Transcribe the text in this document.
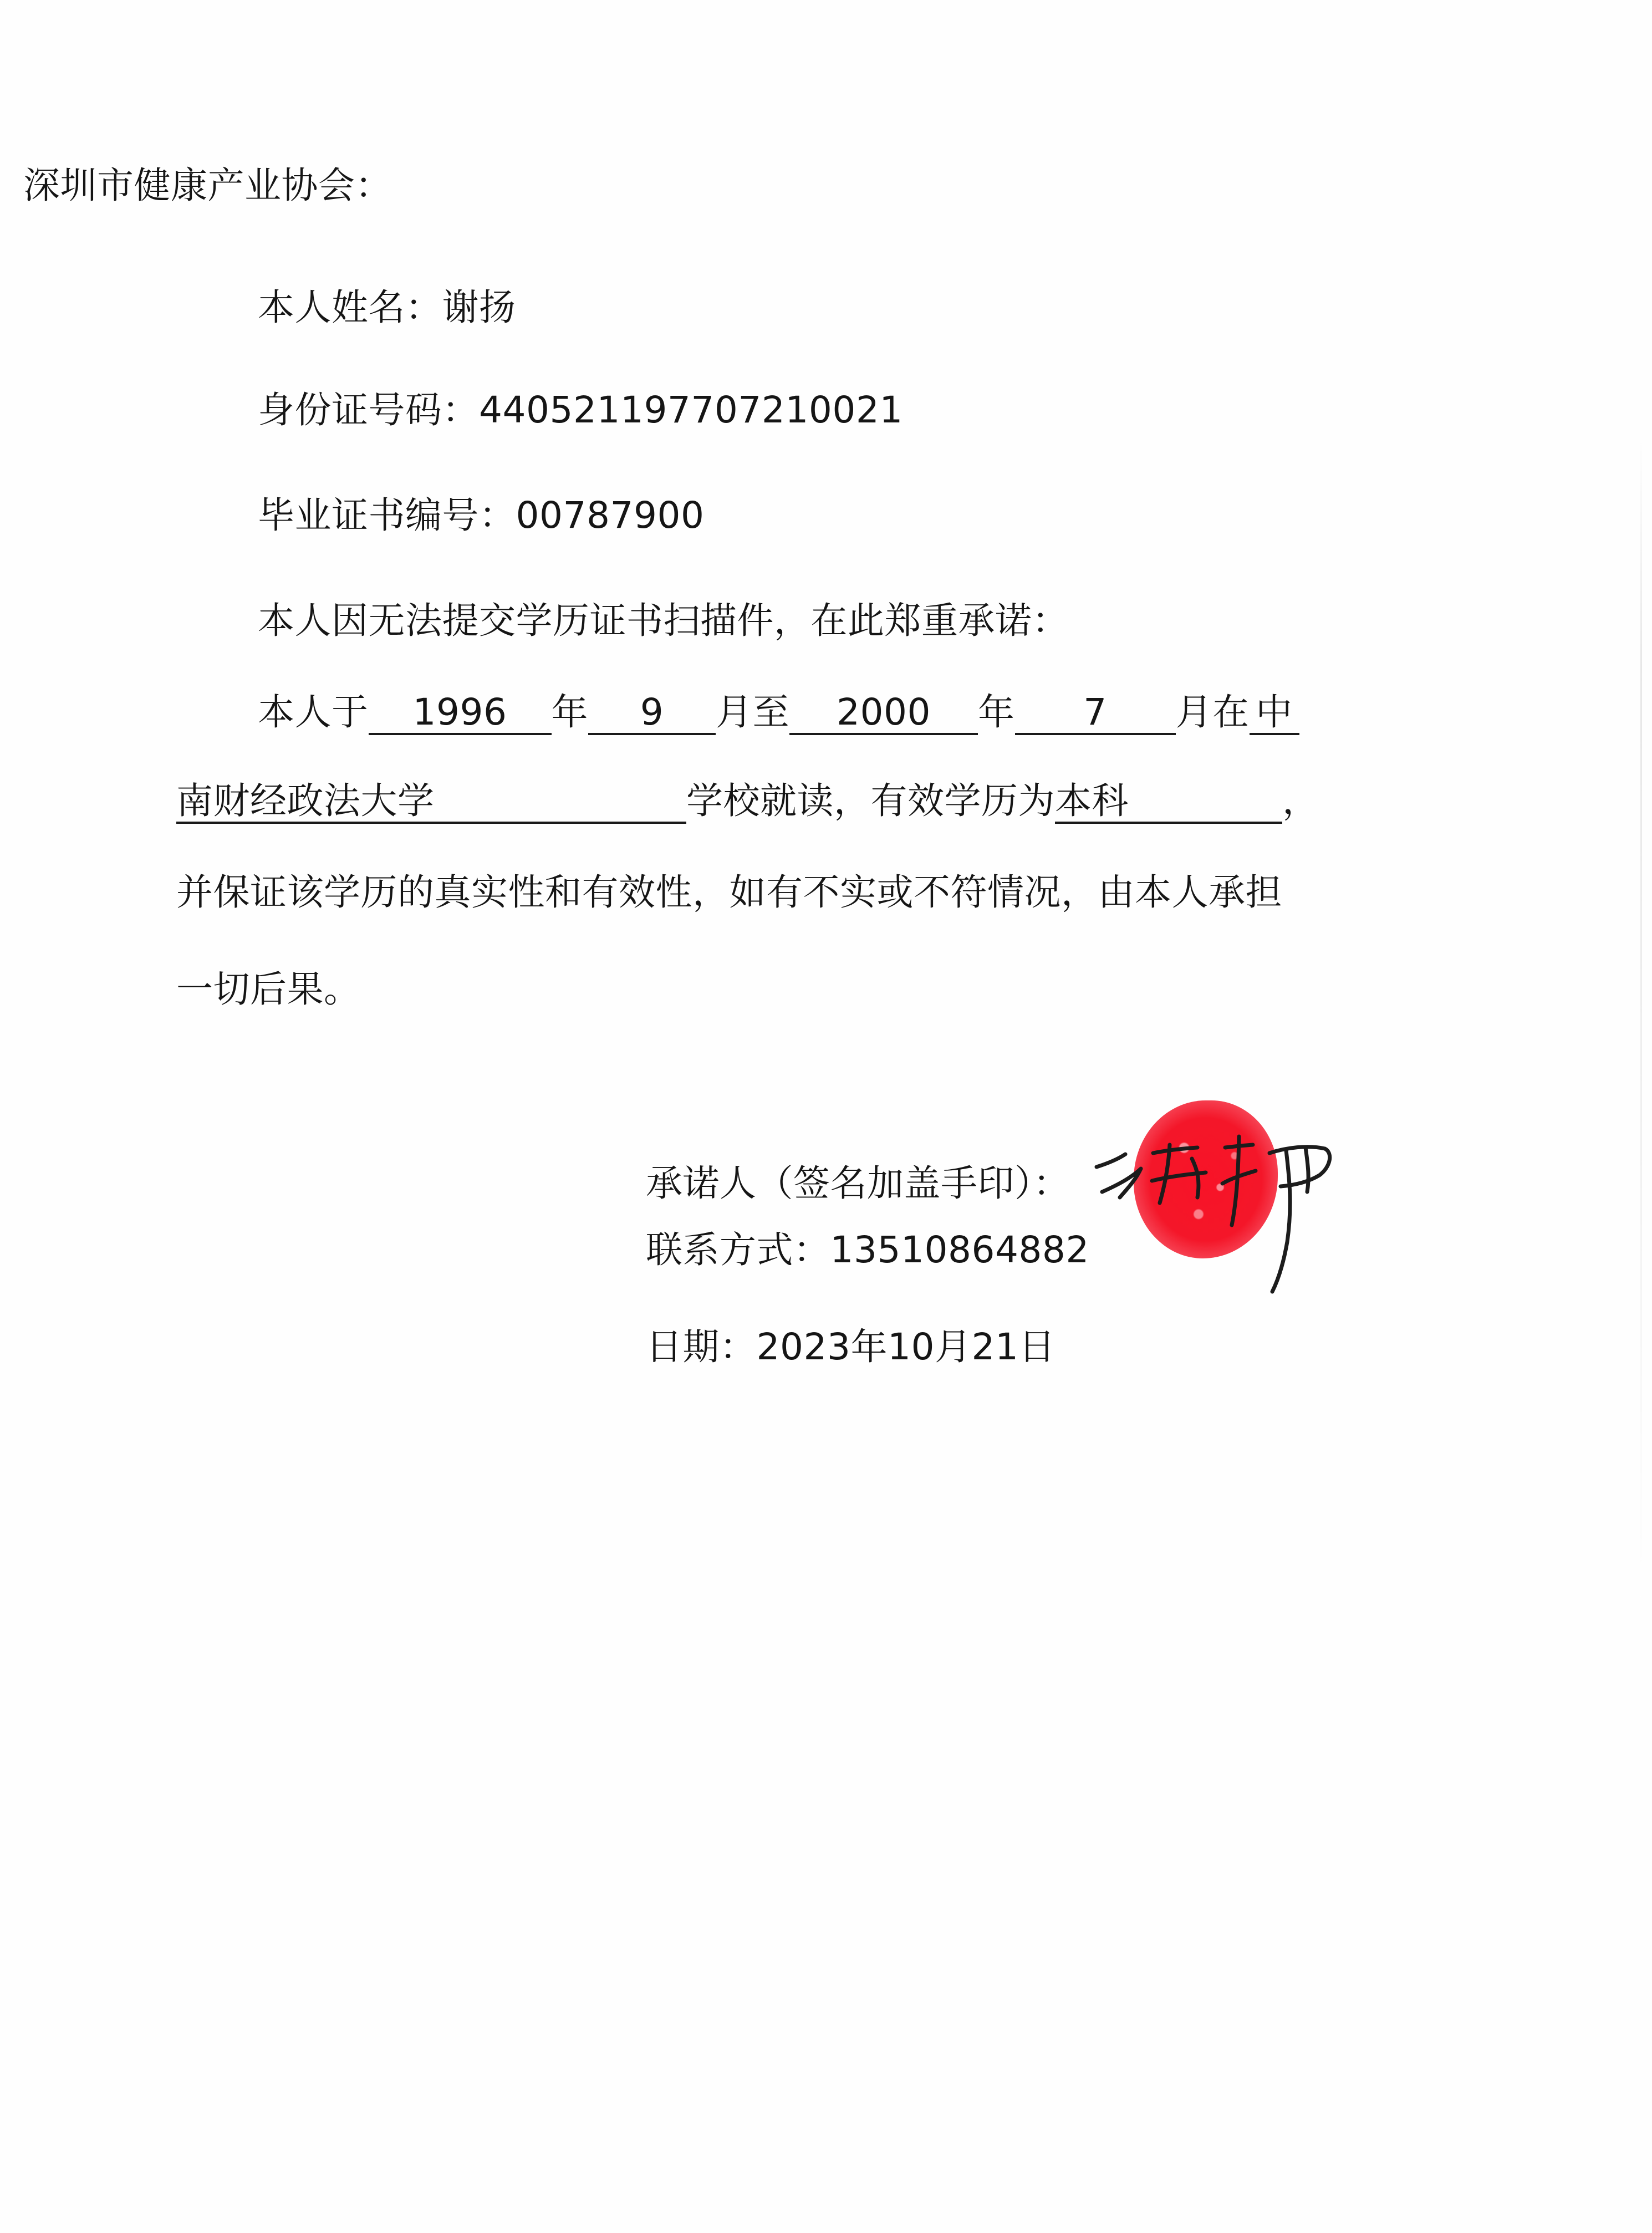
深圳市健康产业协会：
本人姓名：谢扬
身份证号码：440521197707210021
毕业证书编号：00787900
本人因无法提交学历证书扫描件，在此郑重承诺：
本人于 1996 年 9 月至 2000 年 7 月在 中
南财经政法大学	学校就读，有效学历为本科	，
并保证该学历的真实性和有效性，如有不实或不符情况，由本人承担
一切后果。
承诺人（签名加盖手印）：
联系方式：13510864882
日期：2023年10月21日
